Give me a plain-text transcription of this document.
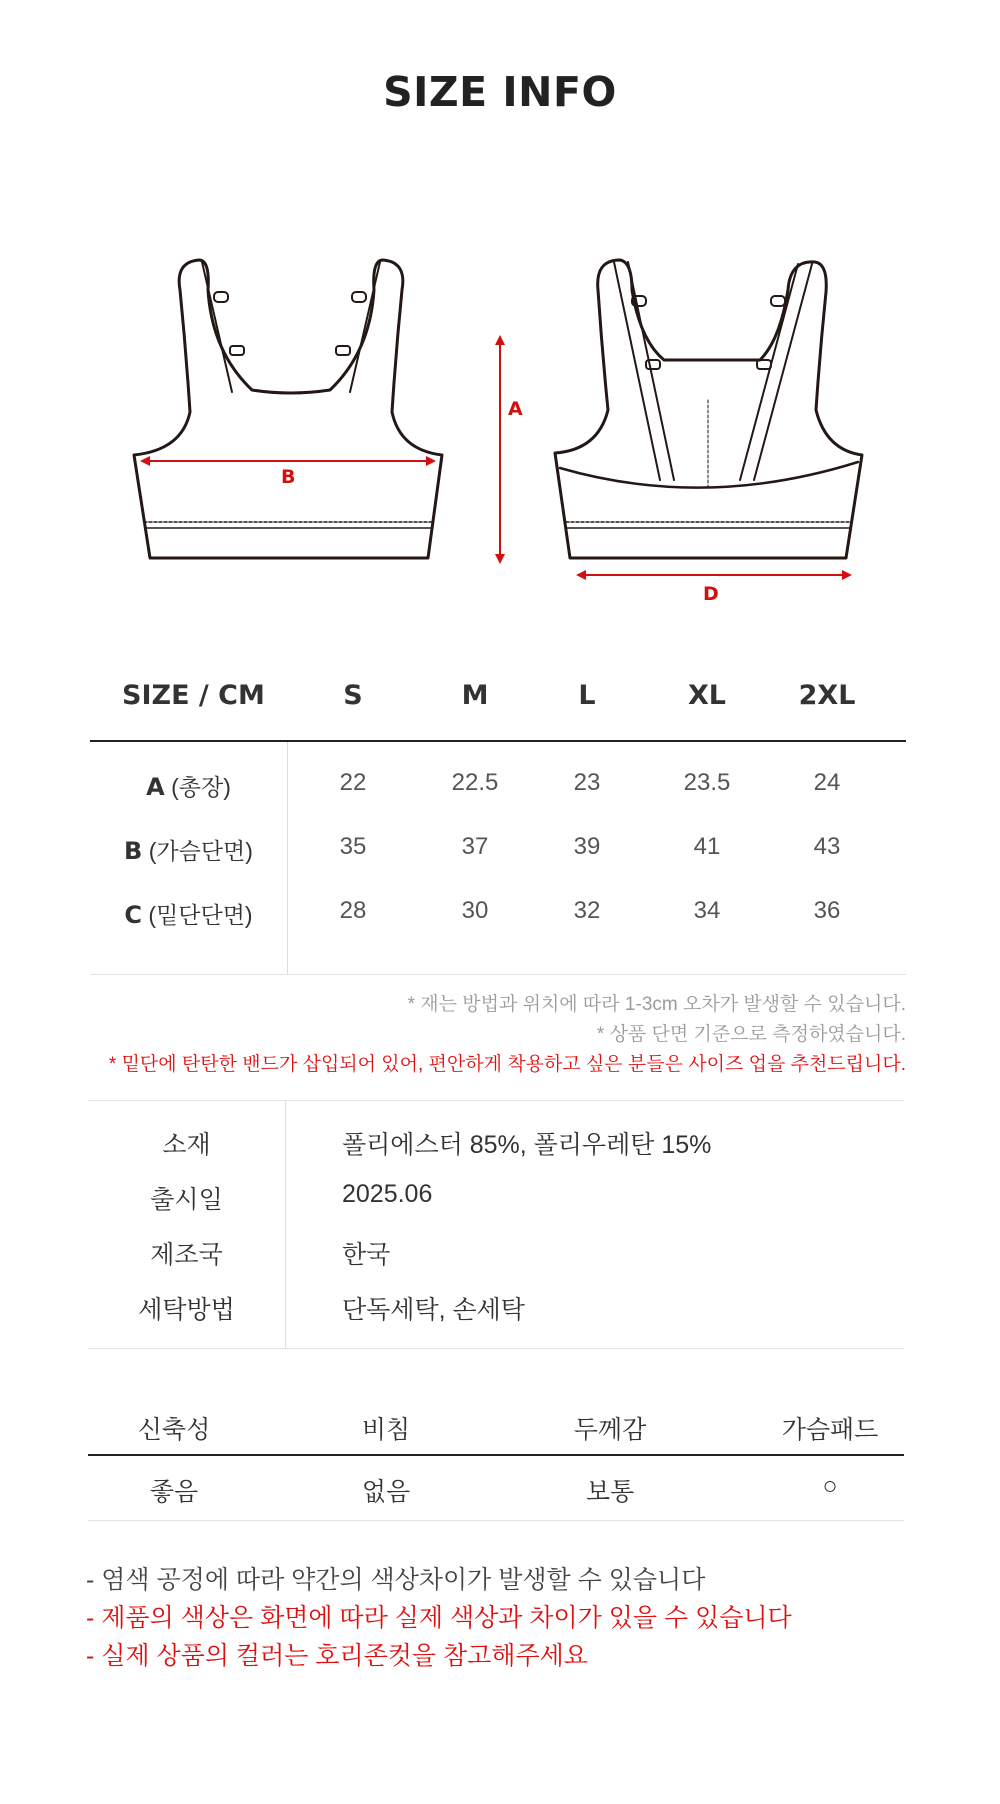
SIZE INFO
B
A
D
SIZE / CM	S	M	L	XL	2XL
A (총장)	22	22.5	23	23.5	24
B (가슴단면)	35	37	39	41	43
C (밑단단면)	28	30	32	34	36
* 재는 방법과 위치에 따라 1-3cm 오차가 발생할 수 있습니다.
* 상품 단면 기준으로 측정하였습니다.
* 밑단에 탄탄한 밴드가 삽입되어 있어, 편안하게 착용하고 싶은 분들은 사이즈 업을 추천드립니다.
소재	폴리에스터 85%, 폴리우레탄 15%
출시일	2025.06
제조국	한국
세탁방법	단독세탁, 손세탁
신축성	비침	두께감	가슴패드
좋음	없음	보통	○
- 염색 공정에 따라 약간의 색상차이가 발생할 수 있습니다
- 제품의 색상은 화면에 따라 실제 색상과 차이가 있을 수 있습니다
- 실제 상품의 컬러는 호리존컷을 참고해주세요
